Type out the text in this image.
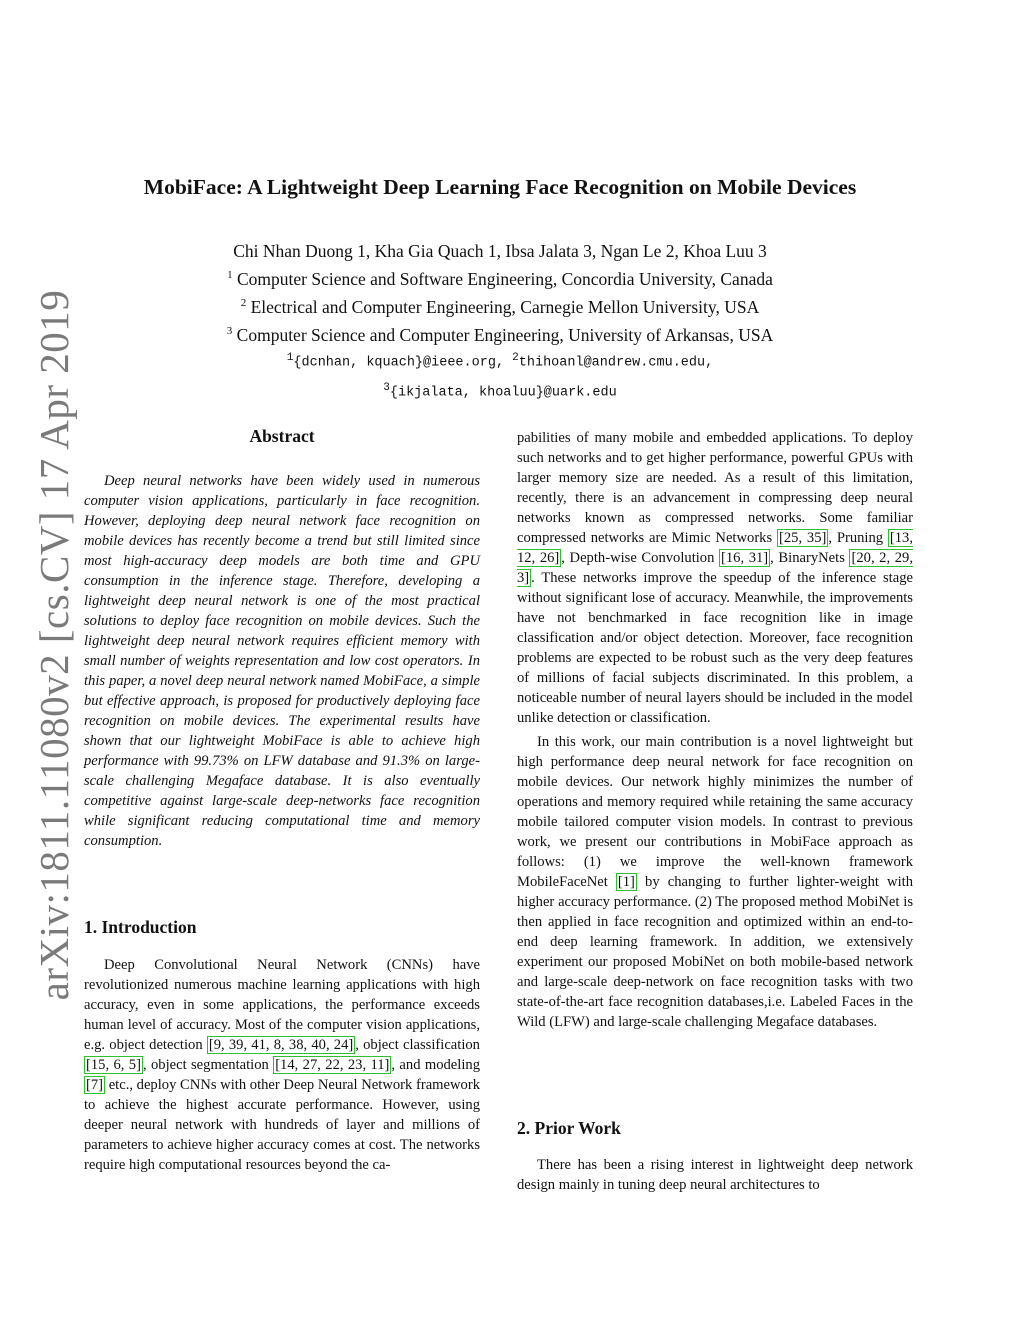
arXiv:1811.11080v2 [cs.CV] 17 Apr 2019
MobiFace: A Lightweight Deep Learning Face Recognition on Mobile Devices
Chi Nhan Duong 1, Kha Gia Quach 1, Ibsa Jalata 3, Ngan Le 2, Khoa Luu 3
$^1$ Computer Science and Software Engineering, Concordia University, Canada
$^2$ Electrical and Computer Engineering, Carnegie Mellon University, USA
$^3$ Computer Science and Computer Engineering, University of Arkansas, USA
$^1${dcnhan, kquach}@ieee.org, $^2$thihoanl@andrew.cmu.edu,
$^3${ikjalata, khoaluu}@uark.edu
Abstract
Deep neural networks have been widely used in numerous computer vision applications, particularly in face recognition. However, deploying deep neural network face recognition on mobile devices has recently become a trend but still limited since most high-accuracy deep models are both time and GPU consumption in the inference stage. Therefore, developing a lightweight deep neural network is one of the most practical solutions to deploy face recognition on mobile devices. Such the lightweight deep neural network requires efficient memory with small number of weights representation and low cost operators. In this paper, a novel deep neural network named MobiFace, a simple but effective approach, is proposed for productively deploying face recognition on mobile devices. The experimental results have shown that our lightweight MobiFace is able to achieve high performance with 99.73% on LFW database and 91.3% on large-scale challenging Megaface database. It is also eventually competitive against large-scale deep-networks face recognition while significant reducing computational time and memory consumption.
1. Introduction

Deep Convolutional Neural Network (CNNs) have revolutionized numerous machine learning applications with high accuracy, even in some applications, the performance exceeds human level of accuracy. Most of the computer vision applications, e.g. object detection [9, 39, 41, 8, 38, 40, 24] , object classification [15, 6, 5] , object segmentation [14, 27, 22, 23, 11] , and modeling [7] etc., deploy CNNs with other Deep Neural Network framework to achieve the highest accurate performance. However, using deeper neural network with hundreds of layer and millions of parameters to achieve higher accuracy comes at cost. The networks require high computational resources beyond the ca-

pabilities of many mobile and embedded applications. To deploy such networks and to get higher performance, powerful GPUs with larger memory size are needed. As a result of this limitation, recently, there is an advancement in compressing deep neural networks known as compressed networks. Some familiar compressed networks are Mimic Networks [25, 35] , Pruning [13, 12, 26] , Depth-wise Convolution [16, 31] , BinaryNets [20, 2, 29, 3] . These networks improve the speedup of the inference stage without significant lose of accuracy. Meanwhile, the improvements have not benchmarked in face recognition like in image classification and/or object detection. Moreover, face recognition problems are expected to be robust such as the very deep features of millions of facial subjects discriminated. In this problem, a noticeable number of neural layers should be included in the model unlike detection or classification.

In this work, our main contribution is a novel lightweight but high performance deep neural network for face recognition on mobile devices. Our network highly minimizes the number of operations and memory required while retaining the same accuracy mobile tailored computer vision models. In contrast to previous work, we present our contributions in MobiFace approach as follows: (1) we improve the well-known framework MobileFaceNet [1] by changing to further lighter-weight with higher accuracy performance. (2) The proposed method MobiNet is then applied in face recognition and optimized within an end-to-end deep learning framework. In addition, we extensively experiment our proposed MobiNet on both mobile-based network and large-scale deep-network on face recognition tasks with two state-of-the-art face recognition databases,i.e. Labeled Faces in the Wild (LFW) and large-scale challenging Megaface databases.

2. Prior Work

There has been a rising interest in lightweight deep network design mainly in tuning deep neural architectures to
